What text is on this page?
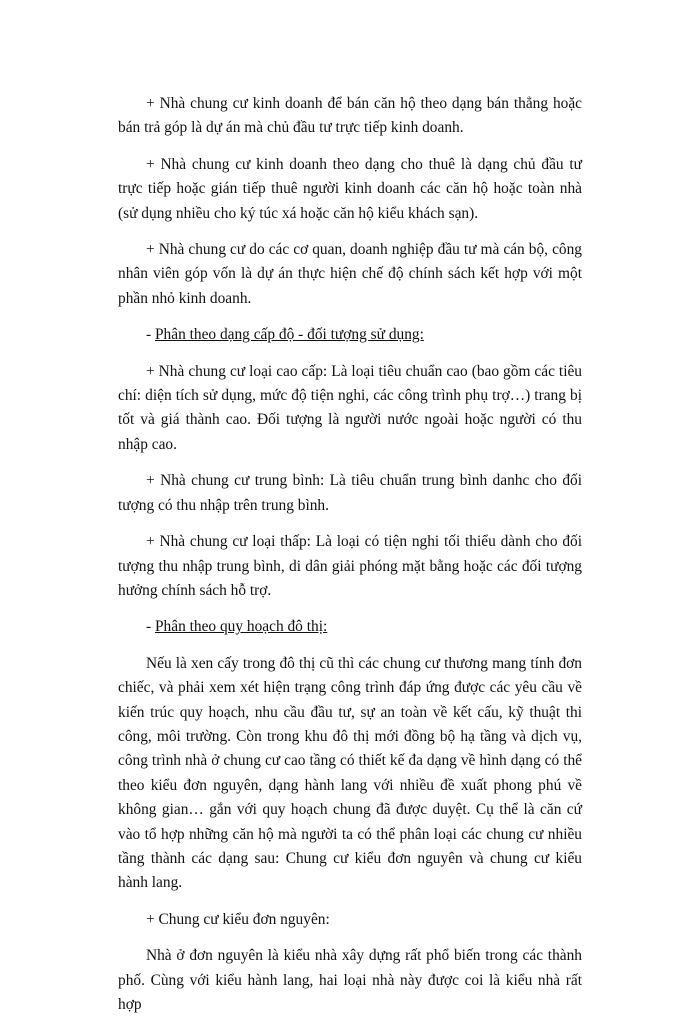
+ Nhà chung cư kinh doanh để bán căn hộ theo dạng bán thẳng hoặc bán trả góp là dự án mà chủ đầu tư trực tiếp kinh doanh.

+ Nhà chung cư kinh doanh theo dạng cho thuê là dạng chủ đầu tư trực tiếp hoặc gián tiếp thuê người kinh doanh các căn hộ hoặc toàn nhà (sử dụng nhiều cho ký túc xá hoặc căn hộ kiểu khách sạn).

+ Nhà chung cư do các cơ quan, doanh nghiệp đầu tư mà cán bộ, công nhân viên góp vốn là dự án thực hiện chế độ chính sách kết hợp với một phần nhỏ kinh doanh.

- Phân theo dạng cấp độ - đối tượng sử dụng:

+ Nhà chung cư loại cao cấp: Là loại tiêu chuẩn cao (bao gồm các tiêu chí: diện tích sử dụng, mức độ tiện nghi, các công trình phụ trợ…) trang bị tốt và giá thành cao. Đối tượng là người nước ngoài hoặc người có thu nhập cao.

+ Nhà chung cư trung bình: Là tiêu chuẩn trung bình danhc cho đối tượng có thu nhập trên trung bình.

+ Nhà chung cư loại thấp: Là loại có tiện nghi tối thiểu dành cho đối tượng thu nhập trung bình, di dân giải phóng mặt bằng hoặc các đối tượng hưởng chính sách hỗ trợ.

- Phân theo quy hoạch đô thị:

Nếu là xen cấy trong đô thị cũ thì các chung cư thương mang tính đơn chiếc, và phải xem xét hiện trạng công trình đáp ứng được các yêu cầu về kiến trúc quy hoạch, nhu cầu đầu tư, sự an toàn về kết cấu, kỹ thuật thi công, môi trường. Còn trong khu đô thị mới đồng bộ hạ tầng và dịch vụ, công trình nhà ở chung cư cao tầng có thiết kế đa dạng về hình dạng có thể theo kiểu đơn nguyên, dạng hành lang với nhiều đề xuất phong phú về không gian… gắn với quy hoạch chung đã được duyệt. Cụ thể là căn cứ vào tổ hợp những căn hộ mà người ta có thể phân loại các chung cư nhiều tầng thành các dạng sau: Chung cư kiểu đơn nguyên và chung cư kiểu hành lang.

+ Chung cư kiểu đơn nguyên:

Nhà ở đơn nguyên là kiểu nhà xây dựng rất phổ biến trong các thành phố. Cùng với kiểu hành lang, hai loại nhà này được coi là kiểu nhà rất hợp
